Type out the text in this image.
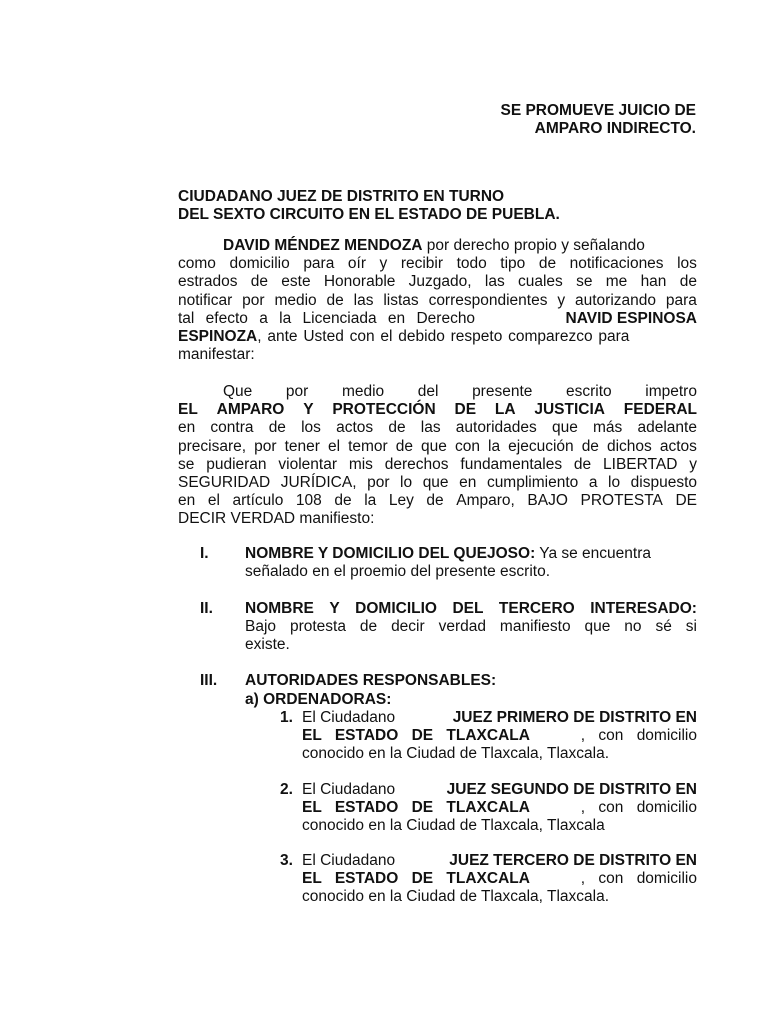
SE PROMUEVE JUICIO DE
AMPARO INDIRECTO.
CIUDADANO JUEZ DE DISTRITO EN TURNO
DEL SEXTO CIRCUITO EN EL ESTADO DE PUEBLA.
DAVID MÉNDEZ MENDOZA por derecho propio y señalando
como domicilio para oír y recibir todo tipo de notificaciones los
estrados de este Honorable Juzgado, las cuales se me han de
notificar por medio de las listas correspondientes y autorizando para
tal efecto a la Licenciada en Derecho	NAVID ESPINOSA
ESPINOZA, ante Usted con el debido respeto comparezco para
manifestar:
Que por medio del presente escrito impetro
EL AMPARO Y PROTECCIÓN DE LA JUSTICIA FEDERAL
en contra de los actos de las autoridades que más adelante
precisare, por tener el temor de que con la ejecución de dichos actos
se pudieran violentar mis derechos fundamentales de LIBERTAD y
SEGURIDAD JURÍDICA, por lo que en cumplimiento a lo dispuesto
en el artículo 108 de la Ley de Amparo, BAJO PROTESTA DE
DECIR VERDAD manifiesto:
I. NOMBRE Y DOMICILIO DEL QUEJOSO: Ya se encuentra
señalado en el proemio del presente escrito.
II. NOMBRE Y DOMICILIO DEL TERCERO INTERESADO:
Bajo protesta de decir verdad manifiesto que no sé si
existe.
III. AUTORIDADES RESPONSABLES:
a) ORDENADORAS:
1. El Ciudadano	JUEZ PRIMERO DE DISTRITO EN
EL ESTADO DE TLAXCALA	, con domicilio
conocido en la Ciudad de Tlaxcala, Tlaxcala.
2. El Ciudadano	JUEZ SEGUNDO DE DISTRITO EN
EL ESTADO DE TLAXCALA	, con domicilio
conocido en la Ciudad de Tlaxcala, Tlaxcala
3. El Ciudadano	JUEZ TERCERO DE DISTRITO EN
EL ESTADO DE TLAXCALA	, con domicilio
conocido en la Ciudad de Tlaxcala, Tlaxcala.
